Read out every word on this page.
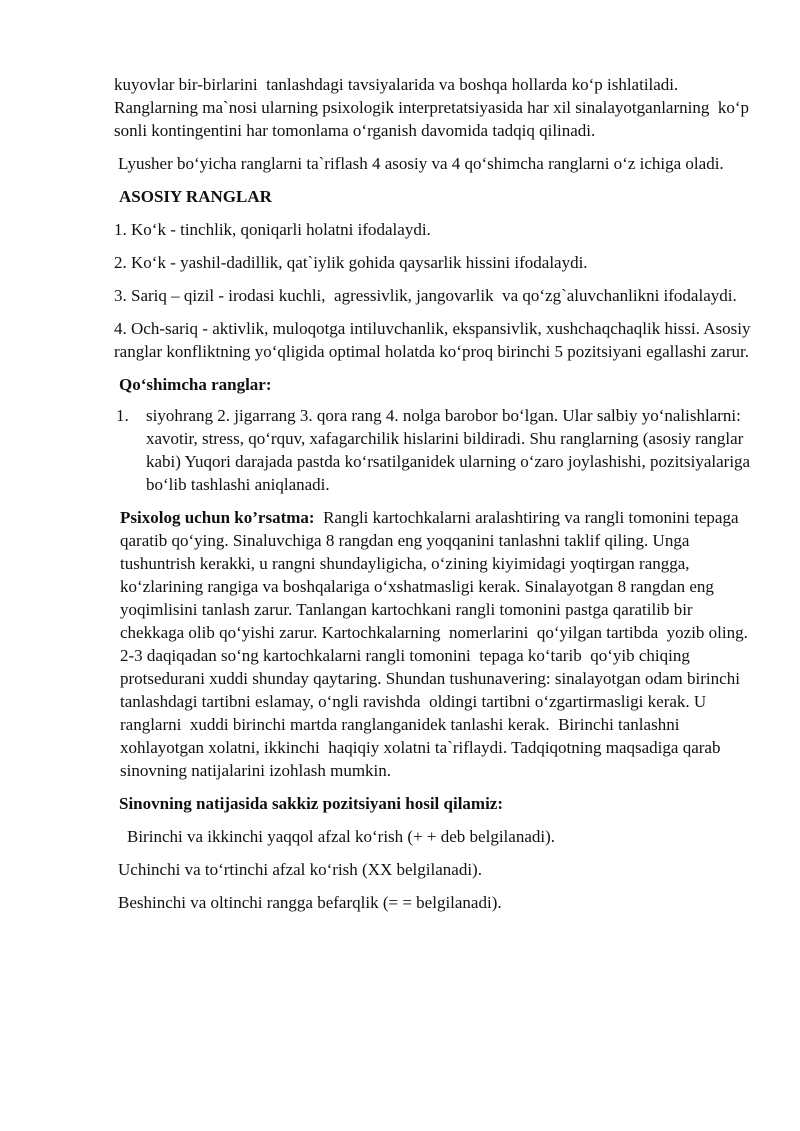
kuyovlar bir-birlarini  tanlashdagi tavsiyalarida va boshqa hollarda ko‘p ishlatiladi. Ranglarning ma`nosi ularning psixologik interpretatsiyasida har xil sinalayotganlarning  ko‘p sonli kontingentini har tomonlama o‘rganish davomida tadqiq qilinadi.

Lyusher bo‘yicha ranglarni ta`riflash 4 asosiy va 4 qo‘shimcha ranglarni o‘z ichiga oladi.

ASOSIY RANGLAR

1. Ko‘k - tinchlik, qoniqarli holatni ifodalaydi.

2. Ko‘k - yashil-dadillik, qat`iylik gohida qaysarlik hissini ifodalaydi.

3. Sariq – qizil - irodasi kuchli,  agressivlik, jangovarlik  va qo‘zg`aluvchanlikni ifodalaydi.

4. Och-sariq - aktivlik, muloqotga intiluvchanlik, ekspansivlik, xushchaqchaqlik hissi. Asosiy  ranglar konfliktning yo‘qligida optimal holatda ko‘proq birinchi 5 pozitsiyani egallashi zarur.

Qo‘shimcha ranglar:

1.	siyohrang 2. jigarrang 3. qora rang 4. nolga barobor bo‘lgan. Ular salbiy yo‘nalishlarni: xavotir, stress, qo‘rquv, xafagarchilik hislarini bildiradi. Shu ranglarning (asosiy ranglar kabi) Yuqori darajada pastda ko‘rsatilganidek ularning o‘zaro joylashishi, pozitsiyalariga bo‘lib tashlashi aniqlanadi.

Psixolog uchun ko’rsatma:  Rangli kartochkalarni aralashtiring va rangli tomonini tepaga qaratib qo‘ying. Sinaluvchiga 8 rangdan eng yoqqanini tanlashni taklif qiling. Unga tushuntrish kerakki, u rangni shundayligicha, o‘zining kiyimidagi yoqtirgan rangga, ko‘zlarining rangiga va boshqalariga o‘xshatmasligi kerak. Sinalayotgan 8 rangdan eng yoqimlisini tanlash zarur. Tanlangan kartochkani rangli tomonini pastga qaratilib bir chekkaga olib qo‘yishi zarur. Kartochkalarning  nomerlarini  qo‘yilgan tartibda  yozib oling. 2-3 daqiqadan so‘ng kartochkalarni rangli tomonini  tepaga ko‘tarib  qo‘yib chiqing protsedurani xuddi shunday qaytaring. Shundan tushunavering: sinalayotgan odam birinchi tanlashdagi tartibni eslamay, o‘ngli ravishda  oldingi tartibni o‘zgartirmasligi kerak. U ranglarni  xuddi birinchi martda ranglanganidek tanlashi kerak.  Birinchi tanlashni xohlayotgan xolatni, ikkinchi  haqiqiy xolatni ta`riflaydi. Tadqiqotning maqsadiga qarab sinovning natijalarini izohlash mumkin.

Sinovning natijasida sakkiz pozitsiyani hosil qilamiz:

Birinchi va ikkinchi yaqqol afzal ko‘rish (+ + deb belgilanadi).

Uchinchi va to‘rtinchi afzal ko‘rish (XX belgilanadi).

Beshinchi va oltinchi rangga befarqlik (= = belgilanadi).
